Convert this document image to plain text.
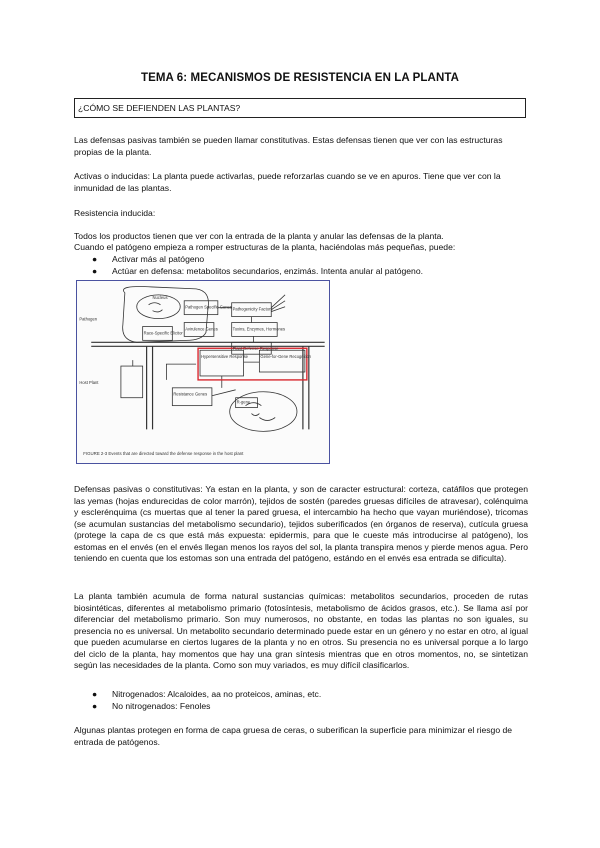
TEMA 6: MECANISMOS DE RESISTENCIA EN LA PLANTA
¿CÓMO SE DEFIENDEN LAS PLANTAS?

Las defensas pasivas también se pueden llamar constitutivas. Estas defensas tienen que ver con las estructuras propias de la planta.

Activas o inducidas: La planta puede activarlas, puede reforzarlas cuando se ve en apuros. Tiene que ver con la inmunidad de las plantas.

Resistencia inducida:

Todos los productos tienen que ver con la entrada de la planta y anular las defensas de la planta.

Cuando el patógeno empieza a romper estructuras de la planta, haciéndolas más pequeñas, puede:

● Activar más al patógeno
● Actúar en defensa: metabolitos secundarios, enzimás. Intenta anular al patógeno.
Pathogen
Host Plant
Nucleus
Pathogen Specific Genes
Race-Specific Elicitor
Avirulence Genes
Pathogenicity Factors
Toxins, Enzymes, Hormones
Plant Defense Response
Hypersensitive Response	Gene-for-Gene Recognition
Resistance Genes
R-gene
FIGURE 2-3 Events that are directed toward the defense response in the host plant

Defensas pasivas o constitutivas: Ya estan en la planta, y son de caracter estructural: corteza, catáfilos que protegen las yemas (hojas endurecidas de color marrón), tejidos de sostén (paredes gruesas difíciles de atravesar), colénquima y esclerénquima (cs muertas que al tener la pared gruesa, el intercambio ha hecho que vayan muriéndose), tricomas (se acumulan sustancias del metabolismo secundario), tejidos suberificados (en órganos de reserva), cutícula gruesa (protege la capa de cs que está más expuesta: epidermis, para que le cueste más introducirse al patógeno), los estomas en el envés (en el envés llegan menos los rayos del sol, la planta transpira menos y pierde menos agua. Pero teniendo en cuenta que los estomas son una entrada del patógeno, estándo en el envés esa entrada se dificulta).

La planta también acumula de forma natural sustancias químicas: metabolitos secundarios, proceden de rutas biosintéticas, diferentes al metabolismo primario (fotosíntesis, metabolismo de ácidos grasos, etc.). Se llama así por diferenciar del metabolismo primario. Son muy numerosos, no obstante, en todas las plantas no son iguales, su presencia no es universal. Un metabolito secundario determinado puede estar en un género y no estar en otro, al igual que pueden acumularse en ciertos lugares de la planta y no en otros. Su presencia no es universal porque a lo largo del ciclo de la planta, hay momentos que hay una gran síntesis mientras que en otros momentos, no, se sintetizan según las necesidades de la planta. Como son muy variados, es muy difícil clasificarlos.

● Nitrogenados: Alcaloides, aa no proteicos, aminas, etc.
● No nitrogenados: Fenoles

Algunas plantas protegen en forma de capa gruesa de ceras, o suberifican la superficie para minimizar el riesgo de entrada de patógenos.
